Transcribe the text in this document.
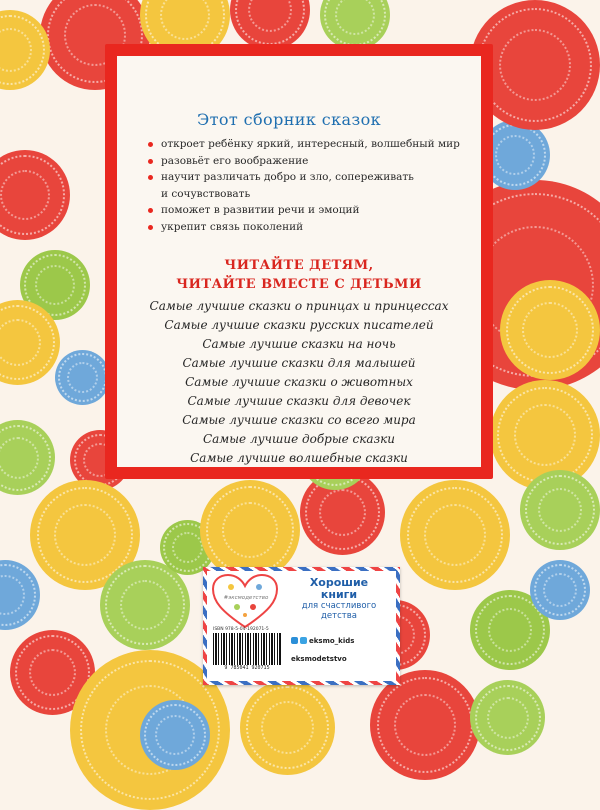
Этот сборник сказок
откроет ребёнку яркий, интересный, волшебный мир
разовьёт его воображение
научит различать добро и зло, сопереживать
и сочувствовать
поможет в развитии речи и эмоций
укрепит связь поколений
ЧИТАЙТЕ ДЕТЯМ,
ЧИТАЙТЕ ВМЕСТЕ С ДЕТЬМИ
Самые лучшие сказки о принцах и принцессах
Самые лучшие сказки русских писателей
Самые лучшие сказки на ночь
Самые лучшие сказки для малышей
Самые лучшие сказки о животных
Самые лучшие сказки для девочек
Самые лучшие сказки со всего мира
Самые лучшие добрые сказки
Самые лучшие волшебные сказки
#эксмодетство
Хорошие
книги
для счастливого
детства
ISBN 978-5-04-192071-5
9 785041 920715
eksmo_kids
eksmodetstvo
